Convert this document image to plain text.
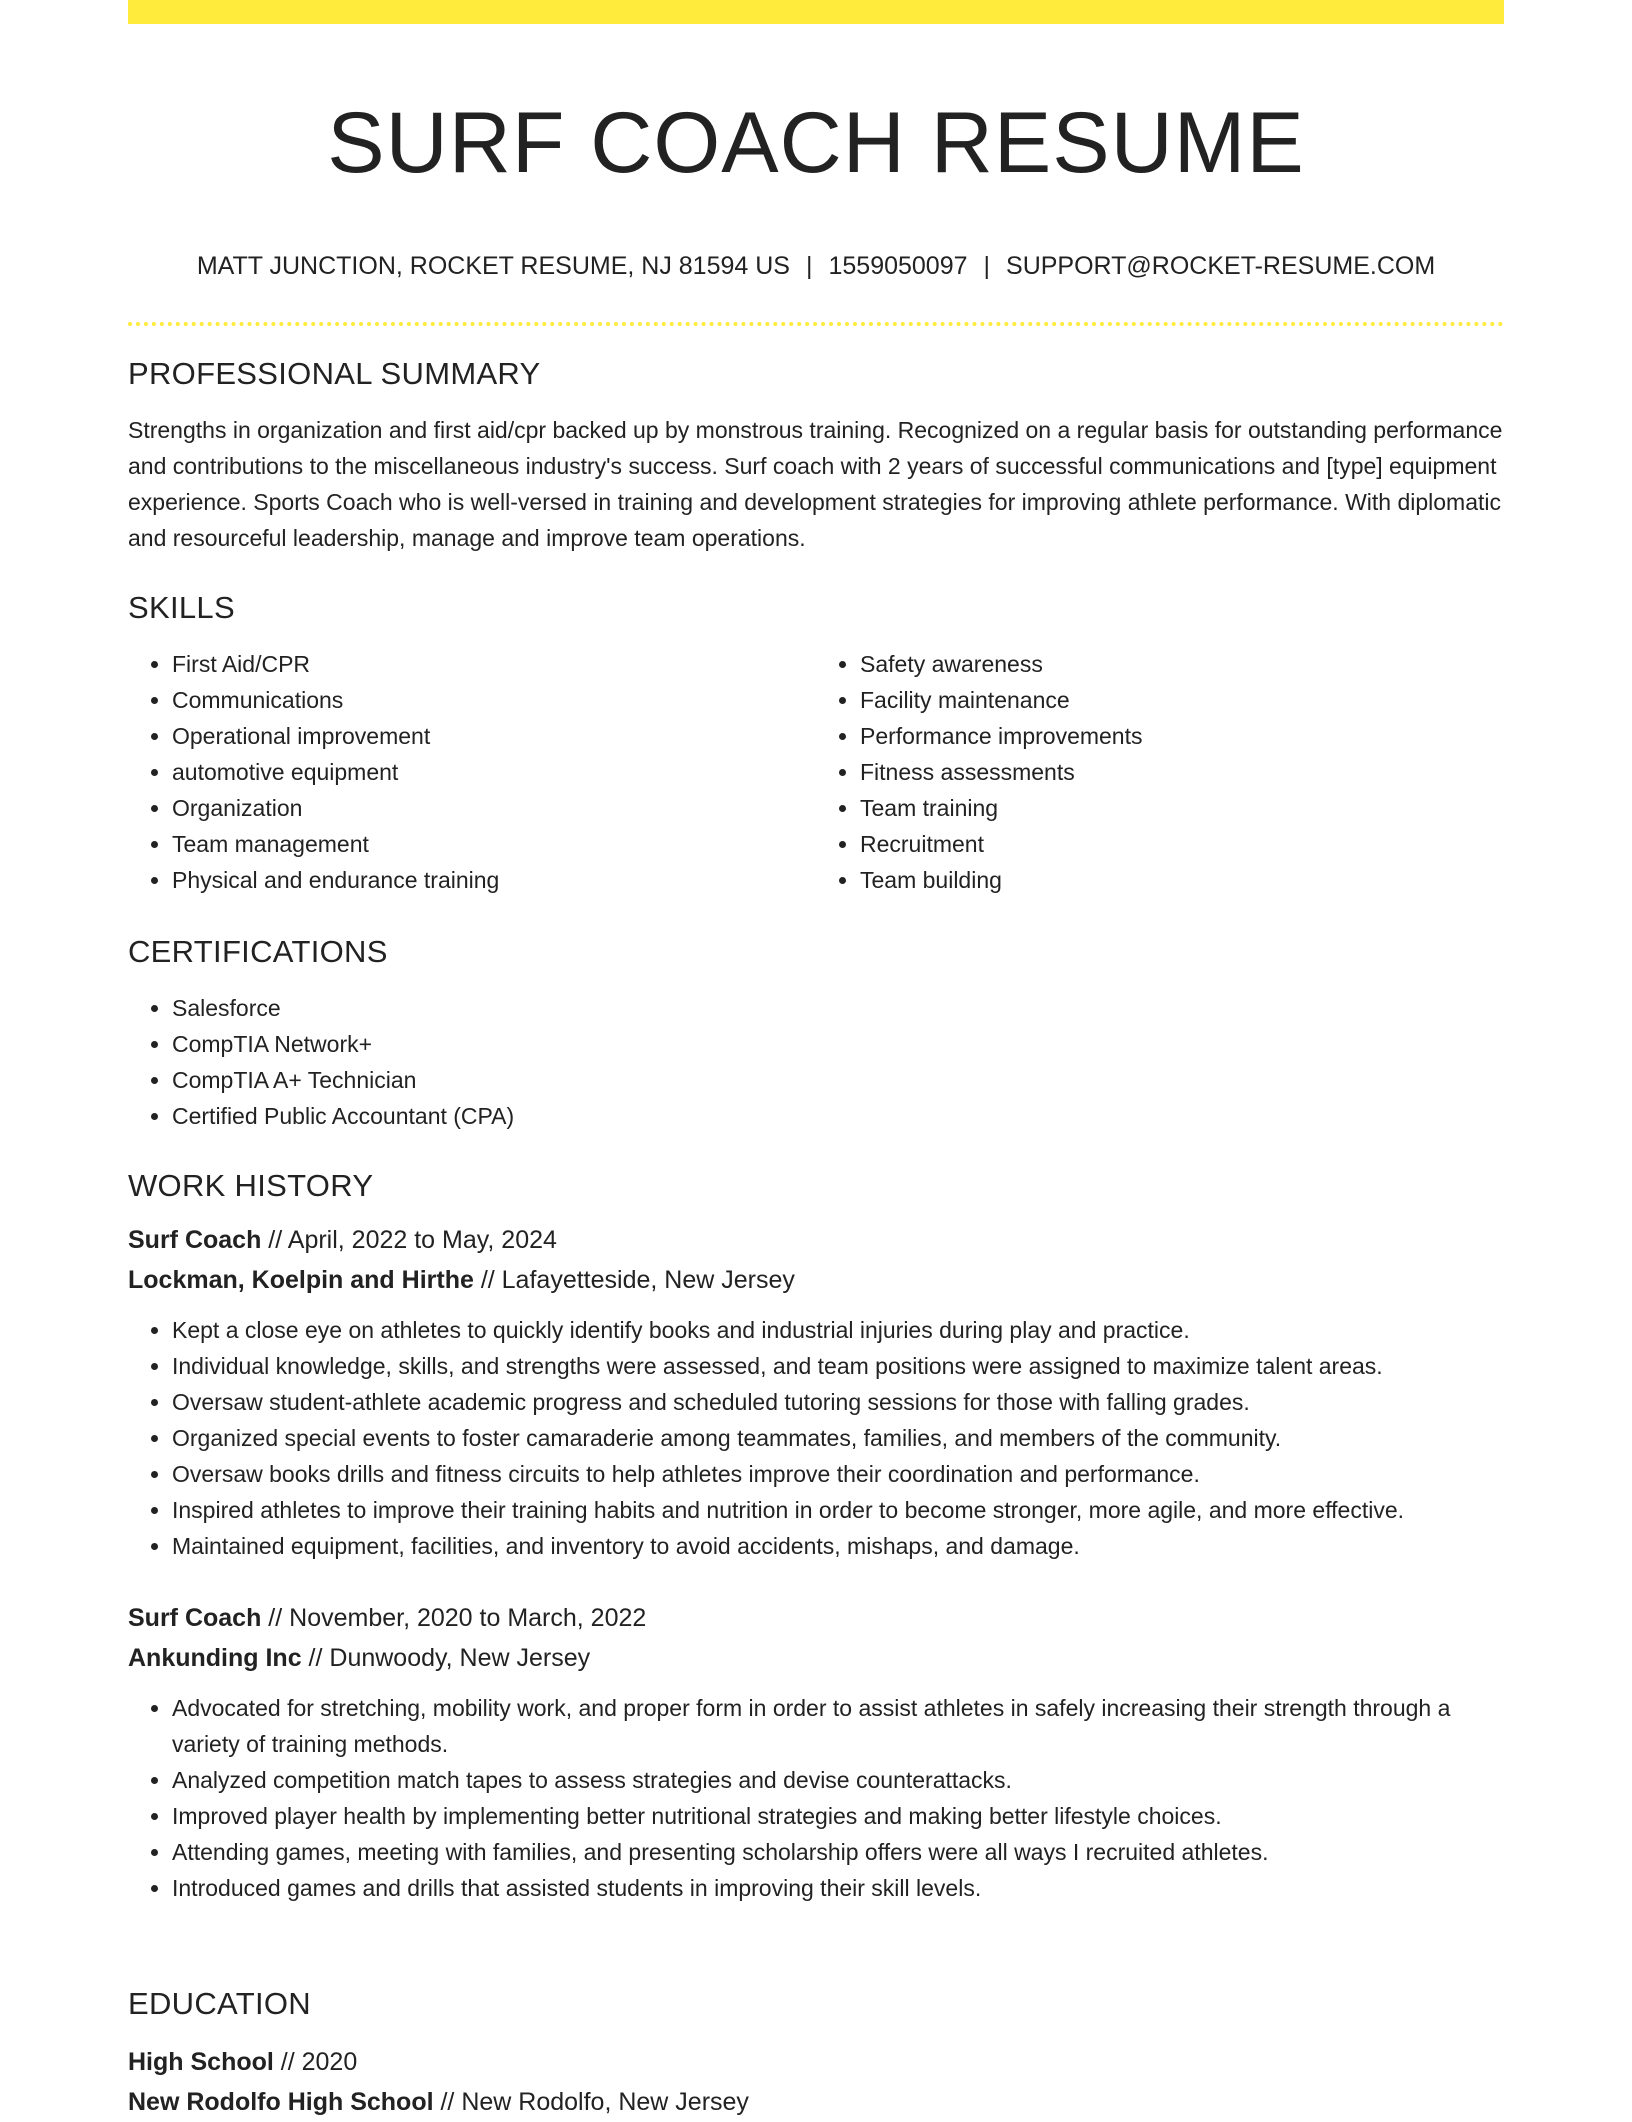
SURF COACH RESUME
MATT JUNCTION, ROCKET RESUME, NJ 81594 US | 1559050097 | SUPPORT@ROCKET-RESUME.COM
PROFESSIONAL SUMMARY

Strengths in organization and first aid/cpr backed up by monstrous training. Recognized on a regular basis for outstanding performance and contributions to the miscellaneous industry's success. Surf coach with 2 years of successful communications and [type] equipment experience. Sports Coach who is well-versed in training and development strategies for improving athlete performance. With diplomatic and resourceful leadership, manage and improve team operations.

SKILLS
• First Aid/CPR
• Communications
• Operational improvement
• automotive equipment
• Organization
• Team management
• Physical and endurance training
• Safety awareness
• Facility maintenance
• Performance improvements
• Fitness assessments
• Team training
• Recruitment
• Team building
CERTIFICATIONS
• Salesforce
• CompTIA Network+
• CompTIA A+ Technician
• Certified Public Accountant (CPA)
WORK HISTORY
Surf Coach // April, 2022 to May, 2024
Lockman, Koelpin and Hirthe // Lafayetteside, New Jersey
• Kept a close eye on athletes to quickly identify books and industrial injuries during play and practice.
• Individual knowledge, skills, and strengths were assessed, and team positions were assigned to maximize talent areas.
• Oversaw student-athlete academic progress and scheduled tutoring sessions for those with falling grades.
• Organized special events to foster camaraderie among teammates, families, and members of the community.
• Oversaw books drills and fitness circuits to help athletes improve their coordination and performance.
• Inspired athletes to improve their training habits and nutrition in order to become stronger, more agile, and more effective.
• Maintained equipment, facilities, and inventory to avoid accidents, mishaps, and damage.
Surf Coach // November, 2020 to March, 2022
Ankunding Inc // Dunwoody, New Jersey
• Advocated for stretching, mobility work, and proper form in order to assist athletes in safely increasing their strength through a variety of training methods.
• Analyzed competition match tapes to assess strategies and devise counterattacks.
• Improved player health by implementing better nutritional strategies and making better lifestyle choices.
• Attending games, meeting with families, and presenting scholarship offers were all ways I recruited athletes.
• Introduced games and drills that assisted students in improving their skill levels.
EDUCATION
High School // 2020
New Rodolfo High School // New Rodolfo, New Jersey
